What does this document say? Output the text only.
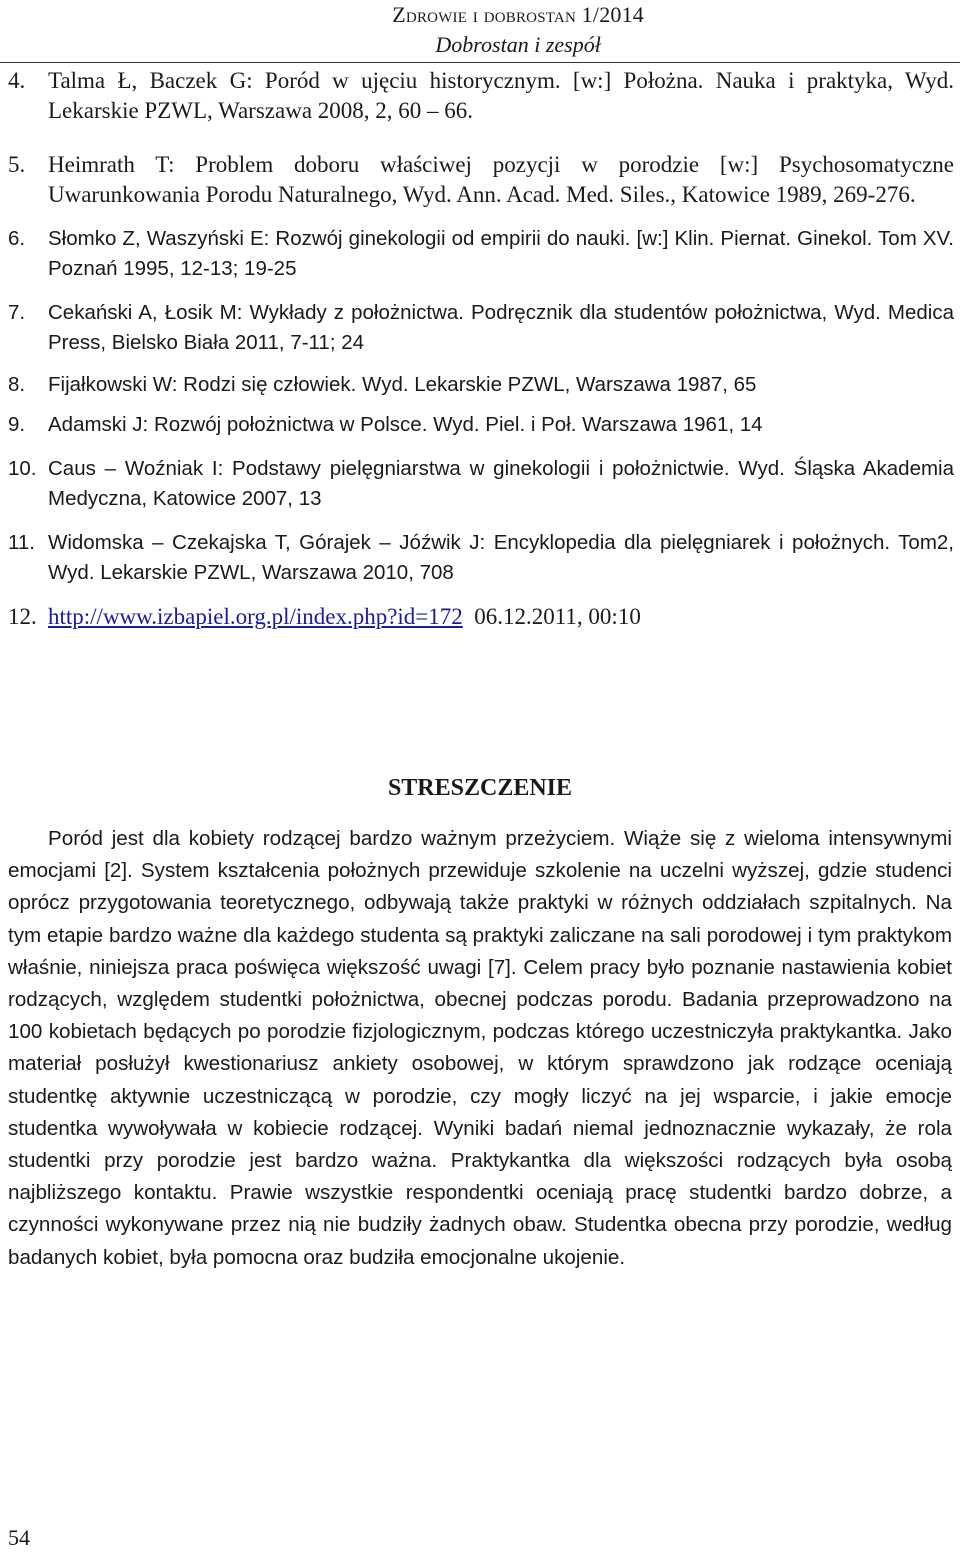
Zdrowie i dobrostan 1/2014
Dobrostan i zespół

4. Talma Ł, Baczek G: Poród w ujęciu historycznym. [w:] Położna. Nauka i praktyka, Wyd. Lekarskie PZWL, Warszawa 2008, 2, 60 – 66.

5. Heimrath T: Problem doboru właściwej pozycji w porodzie [w:] Psychosomatyczne Uwarunkowania Porodu Naturalnego, Wyd. Ann. Acad. Med. Siles., Katowice 1989, 269-276.

6. Słomko Z, Waszyński E: Rozwój ginekologii od empirii do nauki. [w:] Klin. Piernat. Ginekol. Tom XV. Poznań 1995, 12-13; 19-25

7. Cekański A, Łosik M: Wykłady z położnictwa. Podręcznik dla studentów położnictwa, Wyd. Medica Press, Bielsko Biała 2011, 7-11; 24

8. Fijałkowski W: Rodzi się człowiek. Wyd. Lekarskie PZWL, Warszawa 1987, 65

9. Adamski J: Rozwój położnictwa w Polsce. Wyd. Piel. i Poł. Warszawa 1961, 14

10. Caus – Woźniak I: Podstawy pielęgniarstwa w ginekologii i położnictwie. Wyd. Śląska Akademia Medyczna, Katowice 2007, 13

11. Widomska – Czekajska T, Górajek – Jóźwik J: Encyklopedia dla pielęgniarek i położnych. Tom2, Wyd. Lekarskie PZWL, Warszawa 2010, 708

12. http://www.izbapiel.org.pl/index.php?id=172 06.12.2011, 00:10

STRESZCZENIE

Poród jest dla kobiety rodzącej bardzo ważnym przeżyciem. Wiąże się z wieloma intensywnymi emocjami [2]. System kształcenia położnych przewiduje szkolenie na uczelni wyższej, gdzie studenci oprócz przygotowania teoretycznego, odbywają także praktyki w różnych oddziałach szpitalnych. Na tym etapie bardzo ważne dla każdego studenta są praktyki zaliczane na sali porodowej i tym praktykom właśnie, niniejsza praca poświęca większość uwagi [7]. Celem pracy było poznanie nastawienia kobiet rodzących, względem studentki położnictwa, obecnej podczas porodu. Badania przeprowadzono na 100 kobietach będących po porodzie fizjologicznym, podczas którego uczestniczyła praktykantka. Jako materiał posłużył kwestionariusz ankiety osobowej, w którym sprawdzono jak rodzące oceniają studentkę aktywnie uczestniczącą w porodzie, czy mogły liczyć na jej wsparcie, i jakie emocje studentka wywoływała w kobiecie rodzącej. Wyniki badań niemal jednoznacznie wykazały, że rola studentki przy porodzie jest bardzo ważna. Praktykantka dla większości rodzących była osobą najbliższego kontaktu. Prawie wszystkie respondentki oceniają pracę studentki bardzo dobrze, a czynności wykonywane przez nią nie budziły żadnych obaw. Studentka obecna przy porodzie, według badanych kobiet, była pomocna oraz budziła emocjonalne ukojenie.

54
